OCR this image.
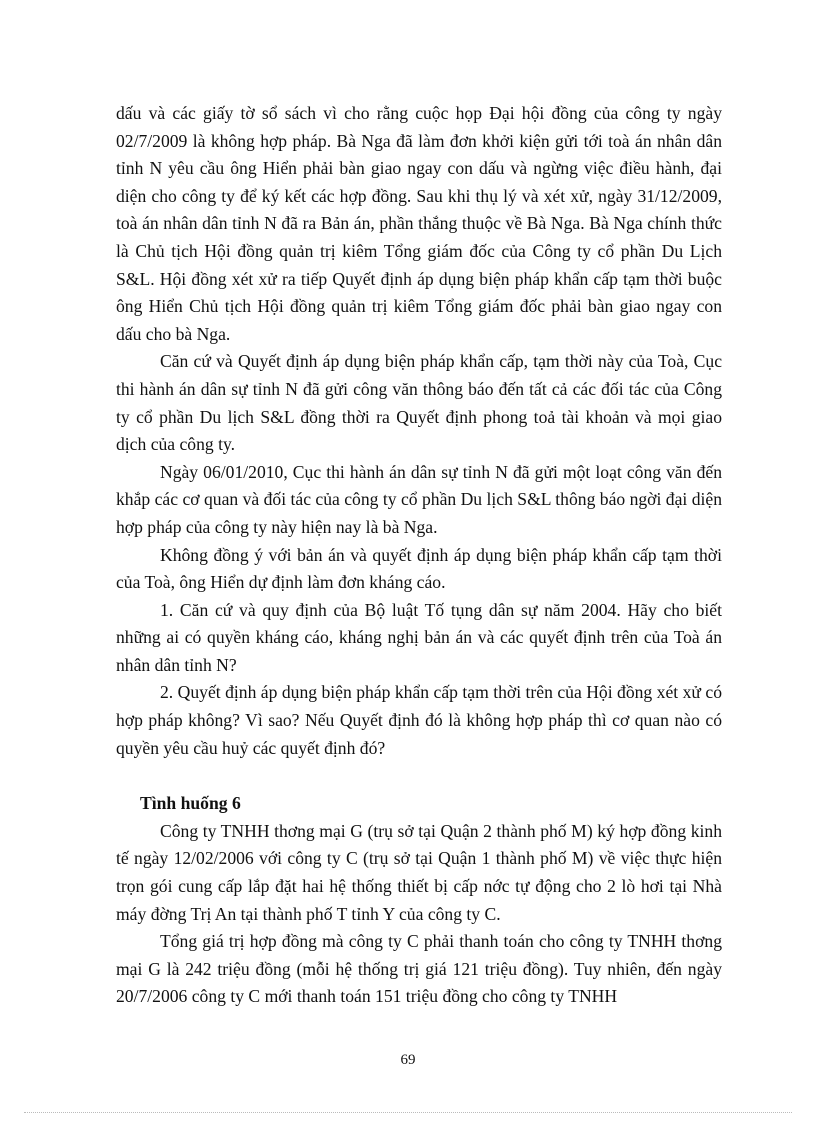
dấu và các giấy tờ sổ sách vì cho rằng cuộc họp Đại hội đồng của công ty ngày 02/7/2009 là không hợp pháp. Bà Nga đã làm đơn khởi kiện gửi tới toà án nhân dân tỉnh N yêu cầu ông Hiển phải bàn giao ngay con dấu và ngừng việc điều hành, đại diện cho công ty để ký kết các hợp đồng. Sau khi thụ lý và xét xử, ngày 31/12/2009, toà án nhân dân tỉnh N đã ra Bản án, phần thắng thuộc về Bà Nga. Bà Nga chính thức là Chủ tịch Hội đồng quản trị kiêm Tổng giám đốc của Công ty cổ phần Du Lịch S&L. Hội đồng xét xử ra tiếp Quyết định áp dụng biện pháp khẩn cấp tạm thời buộc ông Hiển Chủ tịch Hội đồng quản trị kiêm Tổng giám đốc phải bàn giao ngay con dấu cho bà Nga.

Căn cứ và Quyết định áp dụng biện pháp khẩn cấp, tạm thời này của Toà, Cục thi hành án dân sự tỉnh N đã gửi công văn thông báo đến tất cả các đối tác của Công ty cổ phần Du lịch S&L đồng thời ra Quyết định phong toả tài khoản và mọi giao dịch của công ty.

Ngày 06/01/2010, Cục thi hành án dân sự tỉnh N đã gửi một loạt công văn đến khắp các cơ quan và đối tác của công ty cổ phần Du lịch S&L thông báo ngời đại diện hợp pháp của công ty này hiện nay là bà Nga.

Không đồng ý với bản án và quyết định áp dụng biện pháp khẩn cấp tạm thời của Toà, ông Hiển dự định làm đơn kháng cáo.

1. Căn cứ và quy định của Bộ luật Tố tụng dân sự năm 2004. Hãy cho biết những ai có quyền kháng cáo, kháng nghị bản án và các quyết định trên của Toà án nhân dân tỉnh N?

2. Quyết định áp dụng biện pháp khẩn cấp tạm thời trên của Hội đồng xét xử có hợp pháp không? Vì sao? Nếu Quyết định đó là không hợp pháp thì cơ quan nào có quyền yêu cầu huỷ các quyết định đó?

Tình huống 6

Công ty TNHH thơng mại G (trụ sở tại Quận 2 thành phố M) ký hợp đồng kinh tế ngày 12/02/2006 với công ty C (trụ sở tại Quận 1 thành phố M) về việc thực hiện trọn gói cung cấp lắp đặt hai hệ thống thiết bị cấp nớc tự động cho 2 lò hơi tại Nhà máy đờng Trị An tại thành phố T tỉnh Y của công ty C.

Tổng giá trị hợp đồng mà công ty C phải thanh toán cho công ty TNHH thơng mại G là 242 triệu đồng (mỗi hệ thống trị giá 121 triệu đồng). Tuy nhiên, đến ngày 20/7/2006 công ty C mới thanh toán 151 triệu đồng cho công ty TNHH

69
